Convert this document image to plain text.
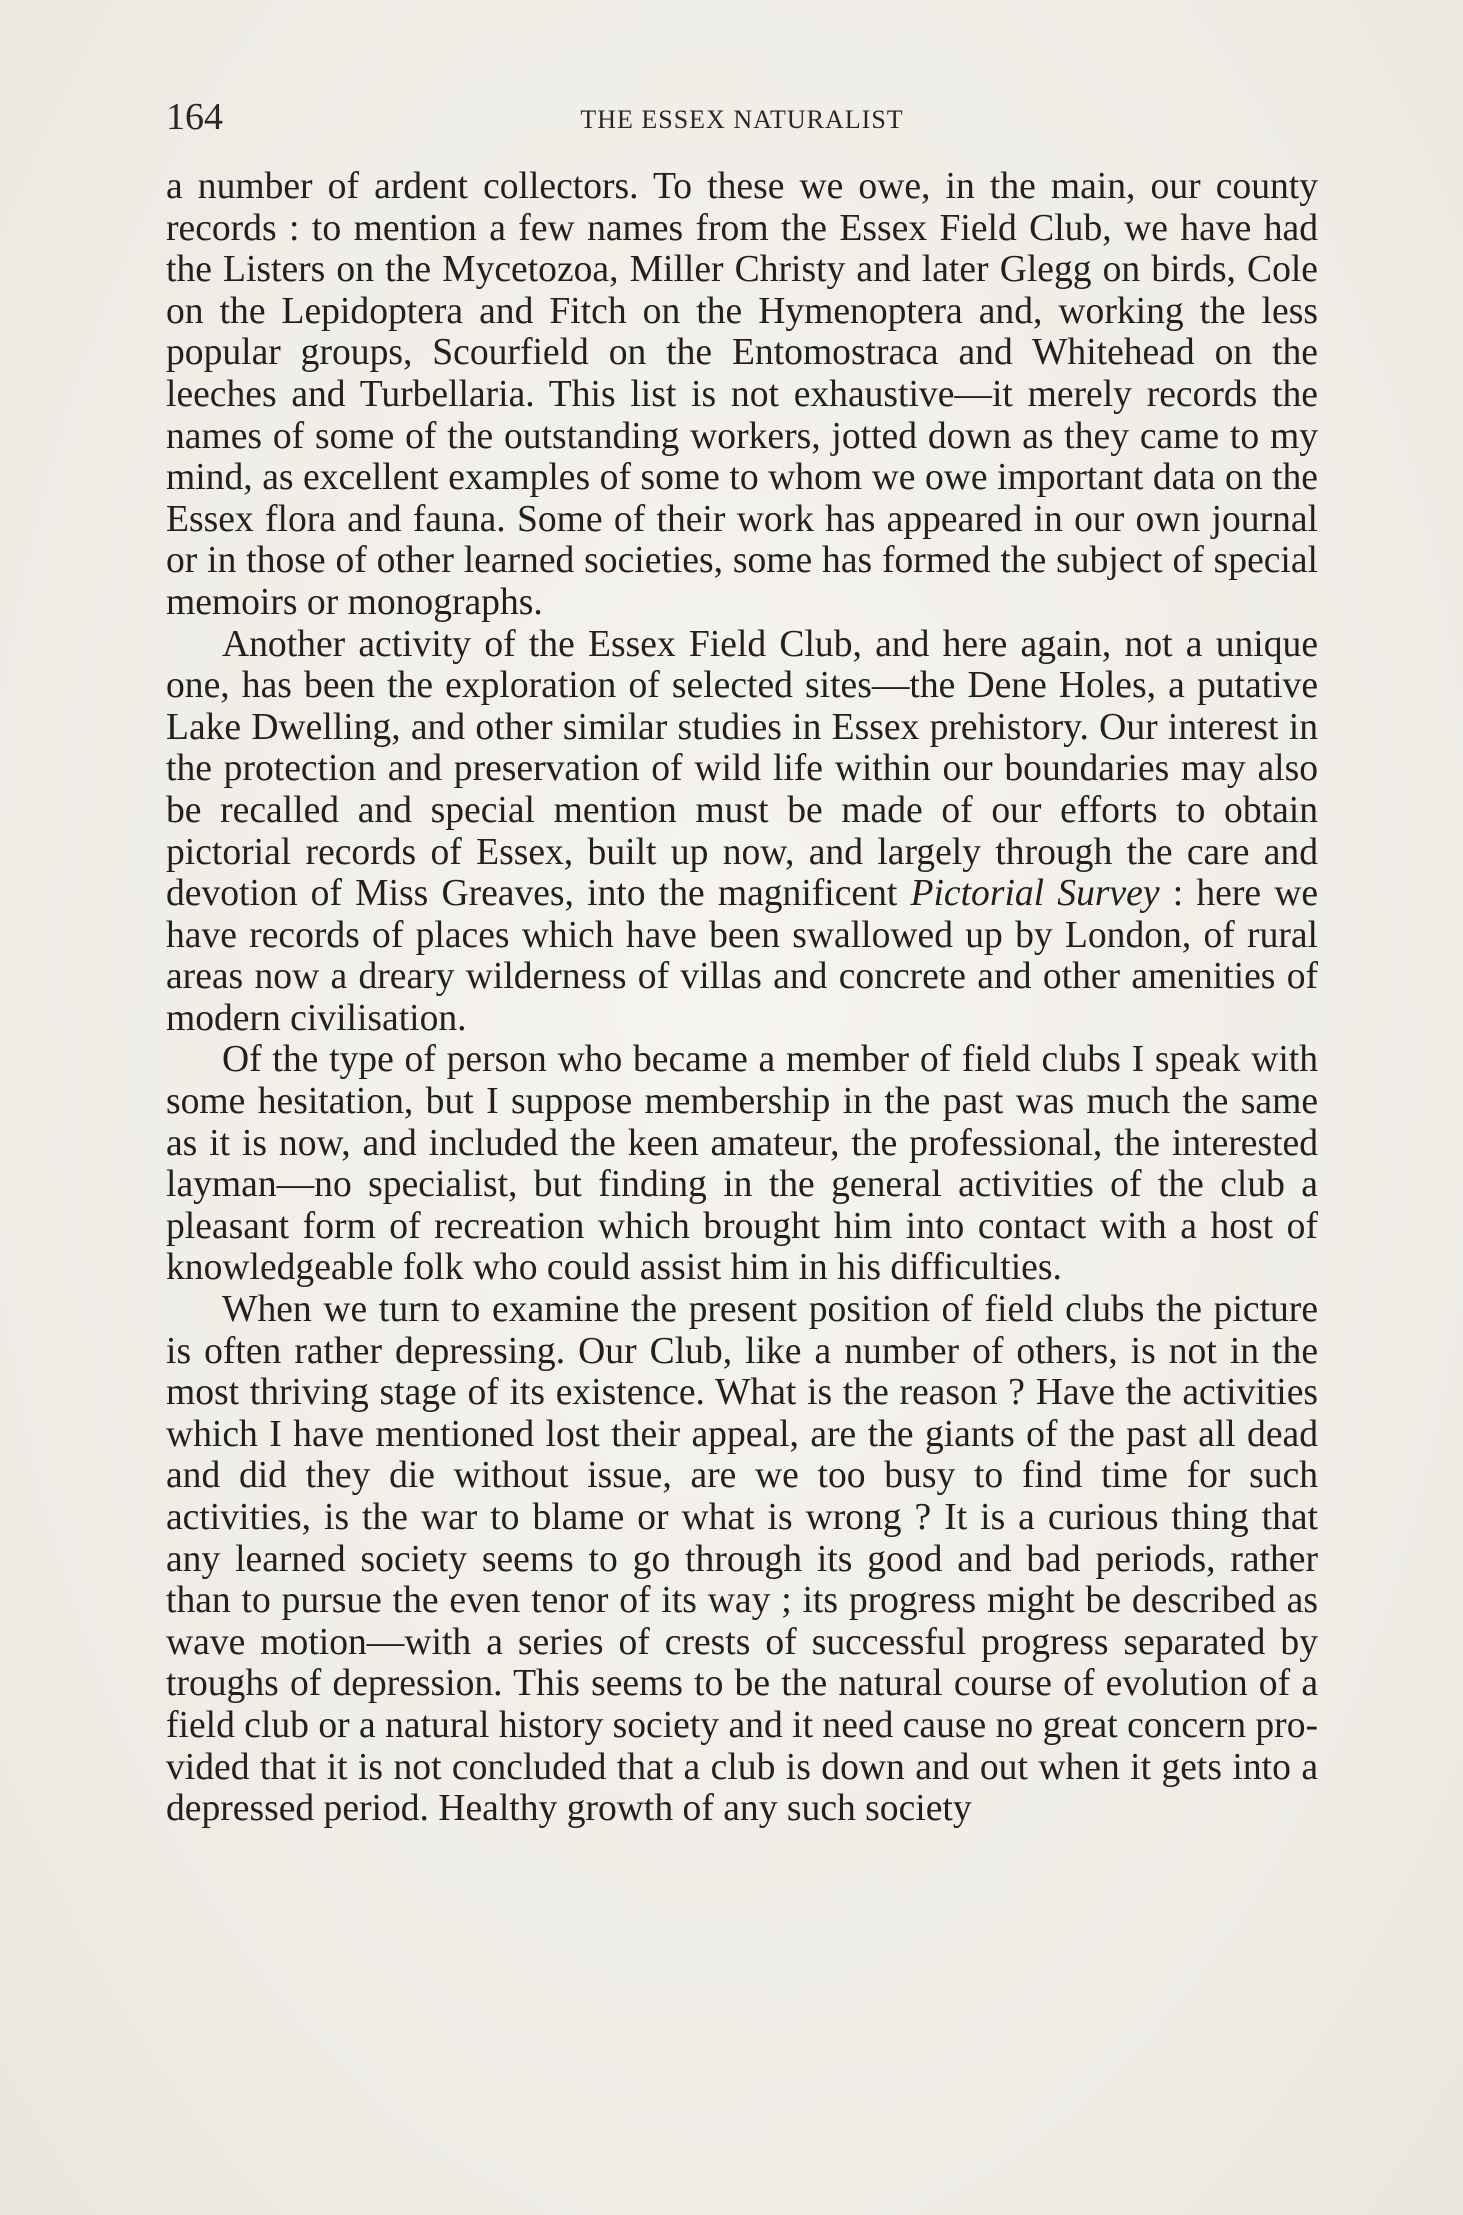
164	THE ESSEX NATURALIST

a number of ardent collectors. To these we owe, in the main, our county records : to mention a few names from the Essex Field Club, we have had the Listers on the Mycetozoa, Miller Christy and later Glegg on birds, Cole on the Lepidoptera and Fitch on the Hymenoptera and, working the less popular groups, Scourfield on the Entomostraca and Whitehead on the leeches and Turbellaria. This list is not exhaustive—it merely records the names of some of the outstanding workers, jotted down as they came to my mind, as excellent examples of some to whom we owe important data on the Essex flora and fauna. Some of their work has appeared in our own journal or in those of other learned societies, some has formed the subject of special memoirs or monographs.

Another activity of the Essex Field Club, and here again, not a unique one, has been the exploration of selected sites—the Dene Holes, a putative Lake Dwelling, and other similar studies in Essex prehistory. Our interest in the protection and preservation of wild life within our boundaries may also be recalled and special mention must be made of our efforts to obtain pictorial records of Essex, built up now, and largely through the care and devotion of Miss Greaves, into the magnificent Pictorial Survey : here we have records of places which have been swallowed up by London, of rural areas now a dreary wilderness of villas and concrete and other amenities of modern civilisation.

Of the type of person who became a member of field clubs I speak with some hesitation, but I suppose membership in the past was much the same as it is now, and included the keen amateur, the professional, the interested layman—no specialist, but finding in the general activities of the club a pleasant form of recreation which brought him into contact with a host of knowledgeable folk who could assist him in his difficulties.

When we turn to examine the present position of field clubs the picture is often rather depressing. Our Club, like a number of others, is not in the most thriving stage of its existence. What is the reason ? Have the activities which I have mentioned lost their appeal, are the giants of the past all dead and did they die without issue, are we too busy to find time for such activities, is the war to blame or what is wrong ? It is a curious thing that any learned society seems to go through its good and bad periods, rather than to pursue the even tenor of its way ; its progress might be described as wave motion—with a series of crests of successful progress separated by troughs of depression. This seems to be the natural course of evolution of a field club or a natural history society and it need cause no great concern provided that it is not concluded that a club is down and out when it gets into a depressed period. Healthy growth of any such society
